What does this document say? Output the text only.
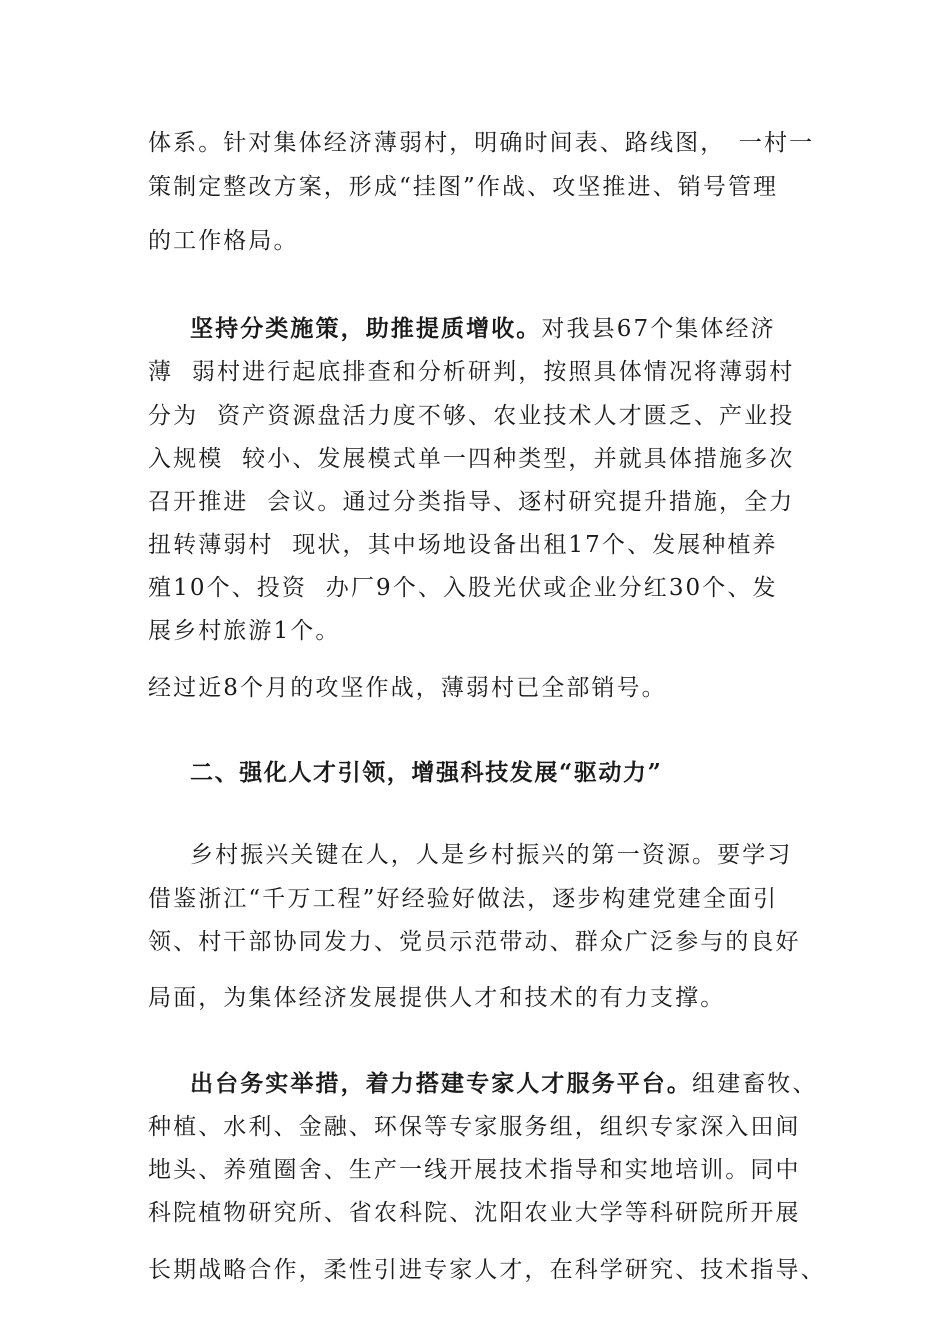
体系。针对集体经济薄弱村，明确时间表、路线图，　一村一

策制定整改方案，形成“挂图”作战、攻坚推进、销号管理

的工作格局。

坚持分类施策，助推提质增收。对我县67个集体经济

薄  弱村进行起底排查和分析研判，按照具体情况将薄弱村

分为  资产资源盘活力度不够、农业技术人才匮乏、产业投

入规模  较小、发展模式单一四种类型，并就具体措施多次

召开推进  会议。通过分类指导、逐村研究提升措施，全力

扭转薄弱村  现状，其中场地设备出租17个、发展种植养

殖10个、投资  办厂9个、入股光伏或企业分红30个、发

展乡村旅游1个。

经过近8个月的攻坚作战，薄弱村已全部销号。

二、强化人才引领，增强科技发展“驱动力”

乡村振兴关键在人，人是乡村振兴的第一资源。要学习

借鉴浙江“千万工程”好经验好做法，逐步构建党建全面引

领、村干部协同发力、党员示范带动、群众广泛参与的良好

局面，为集体经济发展提供人才和技术的有力支撑。

出台务实举措，着力搭建专家人才服务平台。组建畜牧、

种植、水利、金融、环保等专家服务组，组织专家深入田间

地头、养殖圈舍、生产一线开展技术指导和实地培训。同中

科院植物研究所、省农科院、沈阳农业大学等科研院所开展

长期战略合作，柔性引进专家人才，在科学研究、技术指导、
